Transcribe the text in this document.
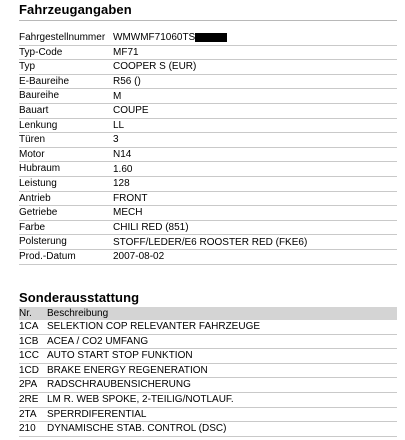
Fahrzeugangaben
Fahrgestellnummer WMWMF71060TS
Typ-Code	MF71
Typ	COOPER S (EUR)
E-Baureihe	R56 ()
Baureihe	M
Bauart	COUPE
Lenkung	LL
Türen	3
Motor	N14
Hubraum	1.60
Leistung	128
Antrieb	FRONT
Getriebe	MECH
Farbe	CHILI RED (851)
Polsterung	STOFF/LEDER/E6 ROOSTER RED (FKE6)
Prod.-Datum	2007-08-02
Sonderausstattung
Nr.	Beschreibung
1CA SELEKTION COP RELEVANTER FAHRZEUGE
1CB ACEA / CO2 UMFANG
1CC AUTO START STOP FUNKTION
1CD BRAKE ENERGY REGENERATION
2PA RADSCHRAUBENSICHERUNG
2RE LM R. WEB SPOKE, 2-TEILIG/NOTLAUF.
2TA	SPERRDIFERENTIAL
210	DYNAMISCHE STAB. CONTROL (DSC)
